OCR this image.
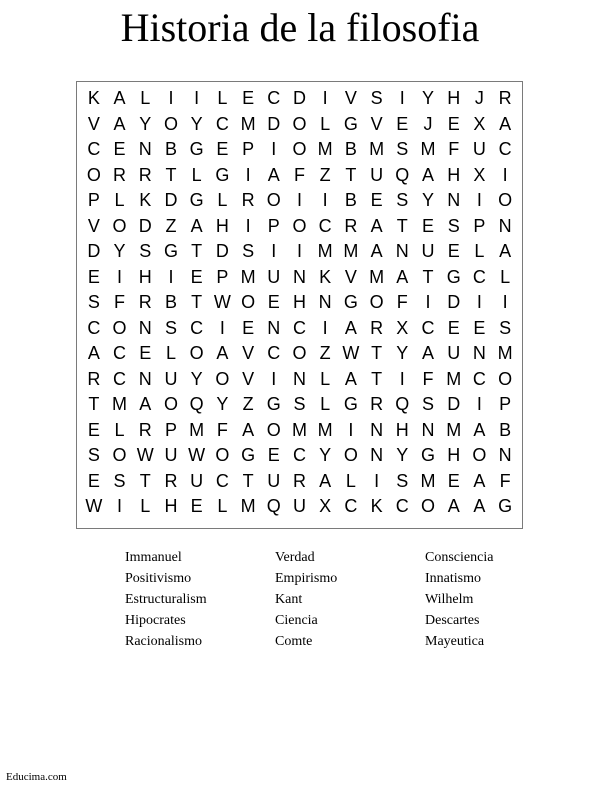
Historia de la filosofia
K A L	I	I	L E C D I V S I Y H J R
V A Y O Y C M D O L G V E J E X A
C E N B G E P I O M B M S M F U C
O R R T L G I A F Z T U Q A H X I
P L K D G L R O I	I B E S Y N I O
V O D Z A H I P O C R A T E S P N
D Y S G T D S I	I M M A N U E L A
E I H I E P M U N K V M A T G C L
S F R B T W O E H N G O F I D I	I
C O N S C I E N C I A R X C E E S
A C E L O A V C O Z W T Y A U N M
R C N U Y O V I N L A T I F M C O
T M A O Q Y Z G S L G R Q S D I P
E L R P M F A O M M I N H N M A B
S O W U W O G E C Y O N Y G H O N
E S T R U C T U R A L	I S M E A F
W I	L H E L M Q U X C K C O A A G
Immanuel	Verdad	Consciencia
Positivismo	Empirismo	Innatismo
Estructuralism	Kant	Wilhelm
Hipocrates	Ciencia	Descartes
Racionalismo	Comte	Mayeutica
Educima.com
